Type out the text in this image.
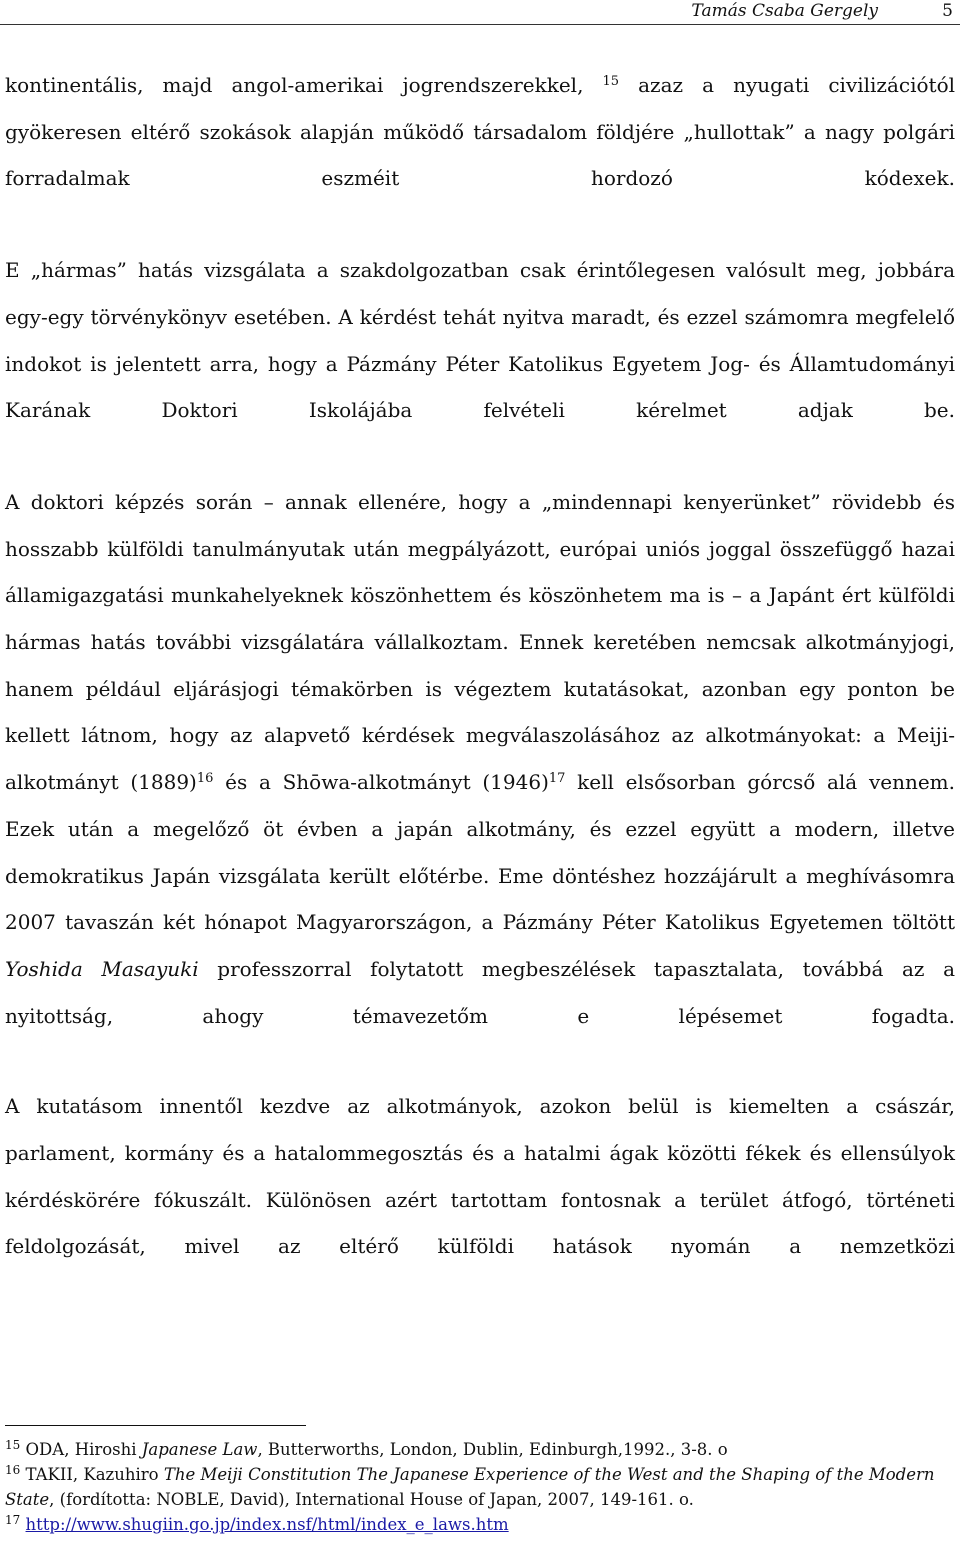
Tamás Csaba Gergely	5

kontinentális, majd angol-amerikai jogrendszerekkel, $^{15}$ azaz a nyugati civilizációtól gyökeresen eltérő szokások alapján működő társadalom földjére „hullottak” a nagy polgári forradalmak eszméit hordozó kódexek.

E „hármas” hatás vizsgálata a szakdolgozatban csak érintőlegesen valósult meg, jobbára egy-egy törvénykönyv esetében. A kérdést tehát nyitva maradt, és ezzel számomra megfelelő indokot is jelentett arra, hogy a Pázmány Péter Katolikus Egyetem Jog- és Államtudományi Karának Doktori Iskolájába felvételi kérelmet adjak be.

A doktori képzés során – annak ellenére, hogy a „mindennapi kenyerünket” rövidebb és hosszabb külföldi tanulmányutak után megpályázott, európai uniós joggal összefüggő hazai államigazgatási munkahelyeknek köszönhettem és köszönhetem ma is – a Japánt ért külföldi hármas hatás további vizsgálatára vállalkoztam. Ennek keretében nemcsak alkotmányjogi, hanem például eljárásjogi témakörben is végeztem kutatásokat, azonban egy ponton be kellett látnom, hogy az alapvető kérdések megválaszolásához az alkotmányokat: a Meiji-alkotmányt $(1889)^{16}$ és a Shōwa-alkotmányt $(1946)^{17}$ kell elsősorban górcső alá vennem. Ezek után a megelőző öt évben a japán alkotmány, és ezzel együtt a modern, illetve demokratikus Japán vizsgálata került előtérbe. Eme döntéshez hozzájárult a meghívásomra 2007 tavaszán két hónapot Magyarországon, a Pázmány Péter Katolikus Egyetemen töltött Yoshida Masayuki professzorral folytatott megbeszélések tapasztalata, továbbá az a nyitottság, ahogy témavezetőm e lépésemet fogadta.

A kutatásom innentől kezdve az alkotmányok, azokon belül is kiemelten a császár, parlament, kormány és a hatalommegosztás és a hatalmi ágak közötti fékek és ellensúlyok kérdéskörére fókuszált. Különösen azért tartottam fontosnak a terület átfogó, történeti feldolgozását, mivel az eltérő külföldi hatások nyomán a nemzetközi

$^{15}$ ODA, Hiroshi Japanese Law, Butterworths, London, Dublin, Edinburgh,1992., 3-8. o
$^{16}$ TAKII, Kazuhiro The Meiji Constitution The Japanese Experience of the West and the Shaping of the Modern State, (fordította: NOBLE, David), International House of Japan, 2007, 149-161. o.
$^{17}$ http://www.shugiin.go.jp/index.nsf/html/index_e_laws.htm
